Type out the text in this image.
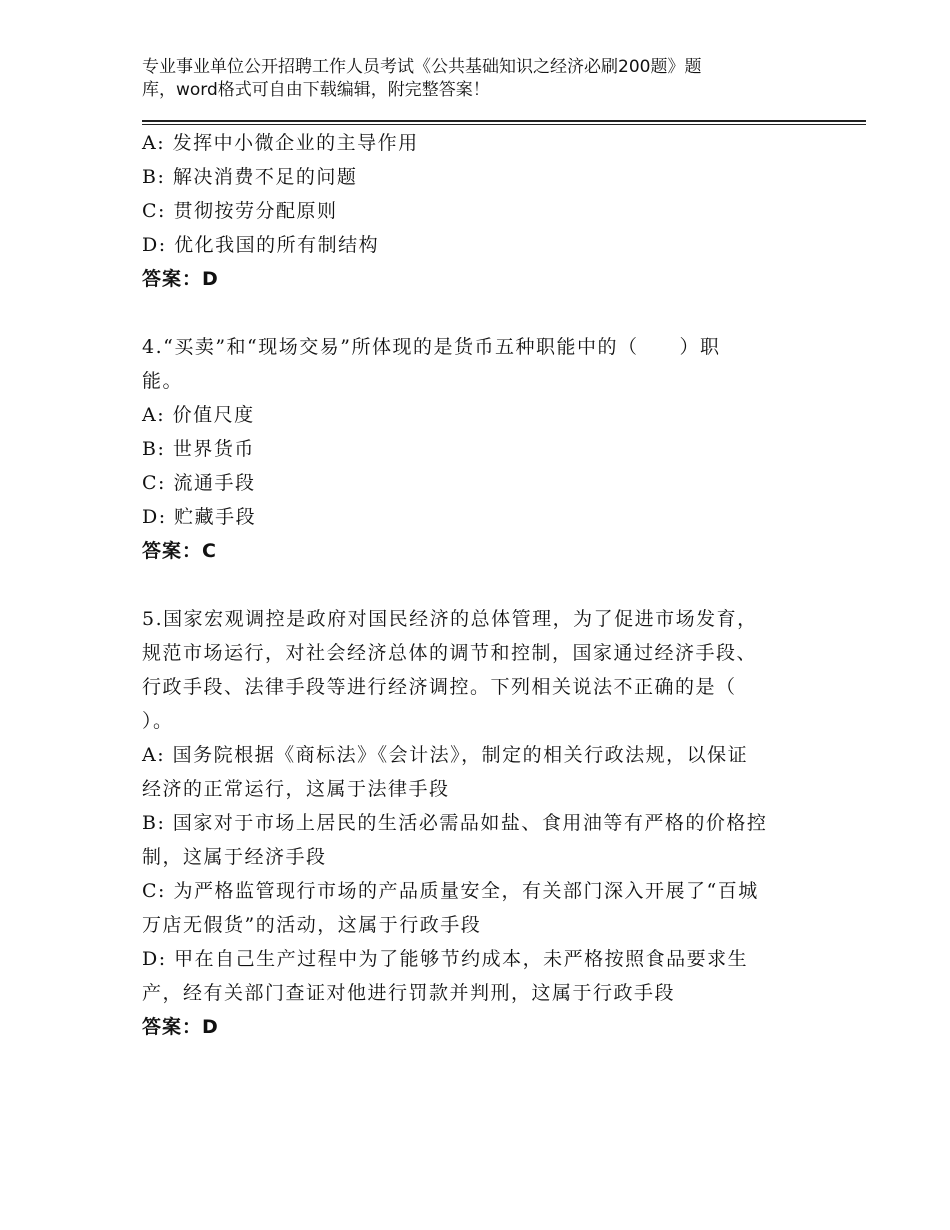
专业事业单位公开招聘工作人员考试《公共基础知识之经济必刷200题》题
库，word格式可自由下载编辑，附完整答案！
A: 发挥中小微企业的主导作用
B: 解决消费不足的问题
C: 贯彻按劳分配原则
D: 优化我国的所有制结构
答案：D
4.“买卖”和“现场交易”所体现的是货币五种职能中的（　　）职
能。
A: 价值尺度
B: 世界货币
C: 流通手段
D: 贮藏手段
答案：C
5.国家宏观调控是政府对国民经济的总体管理，为了促进市场发育，
规范市场运行，对社会经济总体的调节和控制，国家通过经济手段、
行政手段、法律手段等进行经济调控。下列相关说法不正确的是（
）。
A: 国务院根据《商标法》《会计法》，制定的相关行政法规，以保证
经济的正常运行，这属于法律手段
B: 国家对于市场上居民的生活必需品如盐、食用油等有严格的价格控
制，这属于经济手段
C: 为严格监管现行市场的产品质量安全，有关部门深入开展了“百城
万店无假货”的活动，这属于行政手段
D: 甲在自己生产过程中为了能够节约成本，未严格按照食品要求生
产，经有关部门查证对他进行罚款并判刑，这属于行政手段
答案：D
